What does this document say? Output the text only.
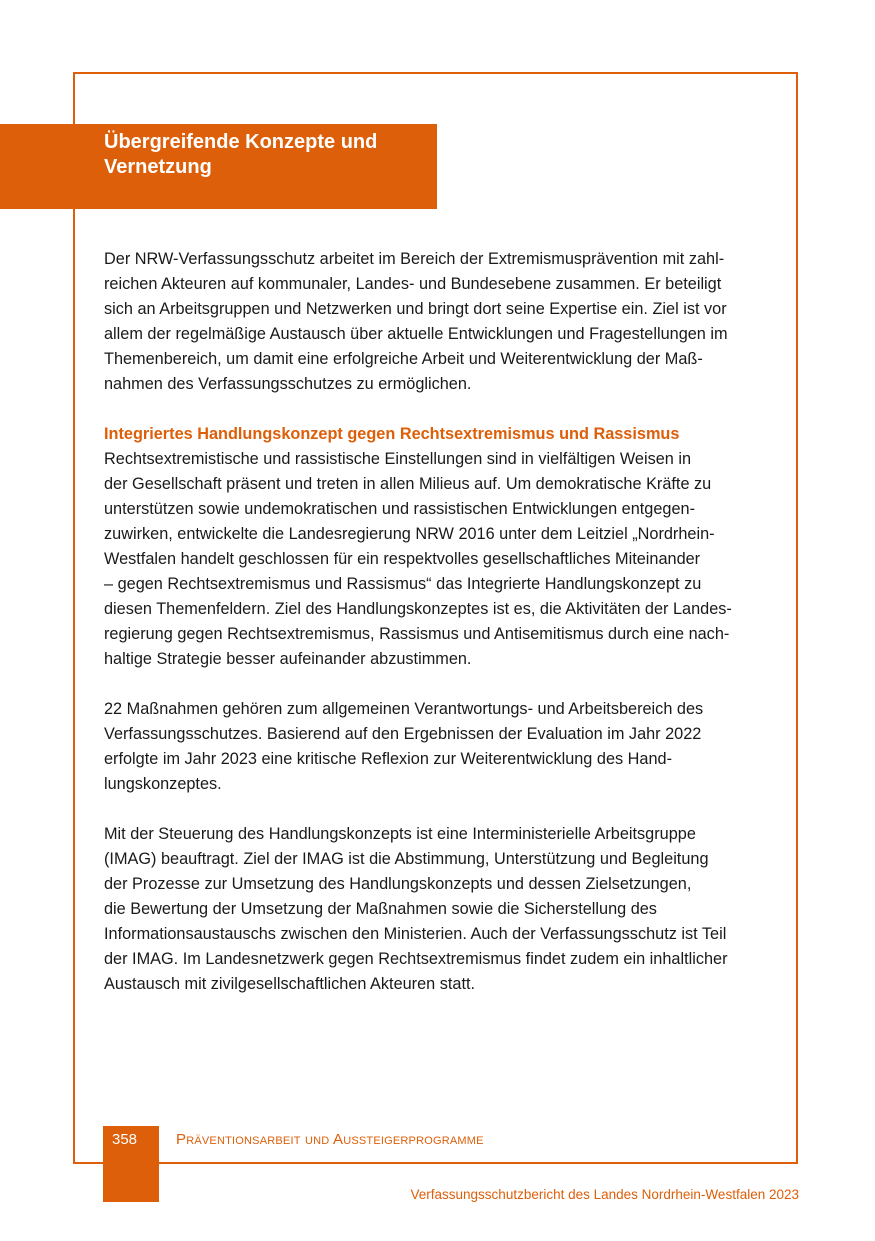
Übergreifende Konzepte und
Vernetzung

Der NRW-Verfassungsschutz arbeitet im Bereich der Extremismusprävention mit zahl-
reichen Akteuren auf kommunaler, Landes- und Bundesebene zusammen. Er beteiligt
sich an Arbeitsgruppen und Netzwerken und bringt dort seine Expertise ein. Ziel ist vor
allem der regelmäßige Austausch über aktuelle Entwicklungen und Fragestellungen im
Themenbereich, um damit eine erfolgreiche Arbeit und Weiterentwicklung der Maß-
nahmen des Verfassungsschutzes zu ermöglichen.

Integriertes Handlungskonzept gegen Rechtsextremismus und Rassismus
Rechtsextremistische und rassistische Einstellungen sind in vielfältigen Weisen in
der Gesellschaft präsent und treten in allen Milieus auf. Um demokratische Kräfte zu
unterstützen sowie undemokratischen und rassistischen Entwicklungen entgegen-
zuwirken, entwickelte die Landesregierung NRW 2016 unter dem Leitziel „Nordrhein-
Westfalen handelt geschlossen für ein respektvolles gesellschaftliches Miteinander
– gegen Rechtsextremismus und Rassismus“ das Integrierte Handlungskonzept zu
diesen Themenfeldern. Ziel des Handlungskonzeptes ist es, die Aktivitäten der Landes-
regierung gegen Rechtsextremismus, Rassismus und Antisemitismus durch eine nach-
haltige Strategie besser aufeinander abzustimmen.

22 Maßnahmen gehören zum allgemeinen Verantwortungs- und Arbeitsbereich des
Verfassungsschutzes. Basierend auf den Ergebnissen der Evaluation im Jahr 2022
erfolgte im Jahr 2023 eine kritische Reflexion zur Weiterentwicklung des Hand-
lungskonzeptes.

Mit der Steuerung des Handlungskonzepts ist eine Interministerielle Arbeitsgruppe
(IMAG) beauftragt. Ziel der IMAG ist die Abstimmung, Unterstützung und Begleitung
der Prozesse zur Umsetzung des Handlungskonzepts und dessen Zielsetzungen,
die Bewertung der Umsetzung der Maßnahmen sowie die Sicherstellung des
Informationsaustauschs zwischen den Ministerien. Auch der Verfassungsschutz ist Teil
der IMAG. Im Landesnetzwerk gegen Rechtsextremismus findet zudem ein inhaltlicher
Austausch mit zivilgesellschaftlichen Akteuren statt.

358	Präventionsarbeit und Aussteigerprogramme
Verfassungsschutzbericht des Landes Nordrhein-Westfalen 2023
